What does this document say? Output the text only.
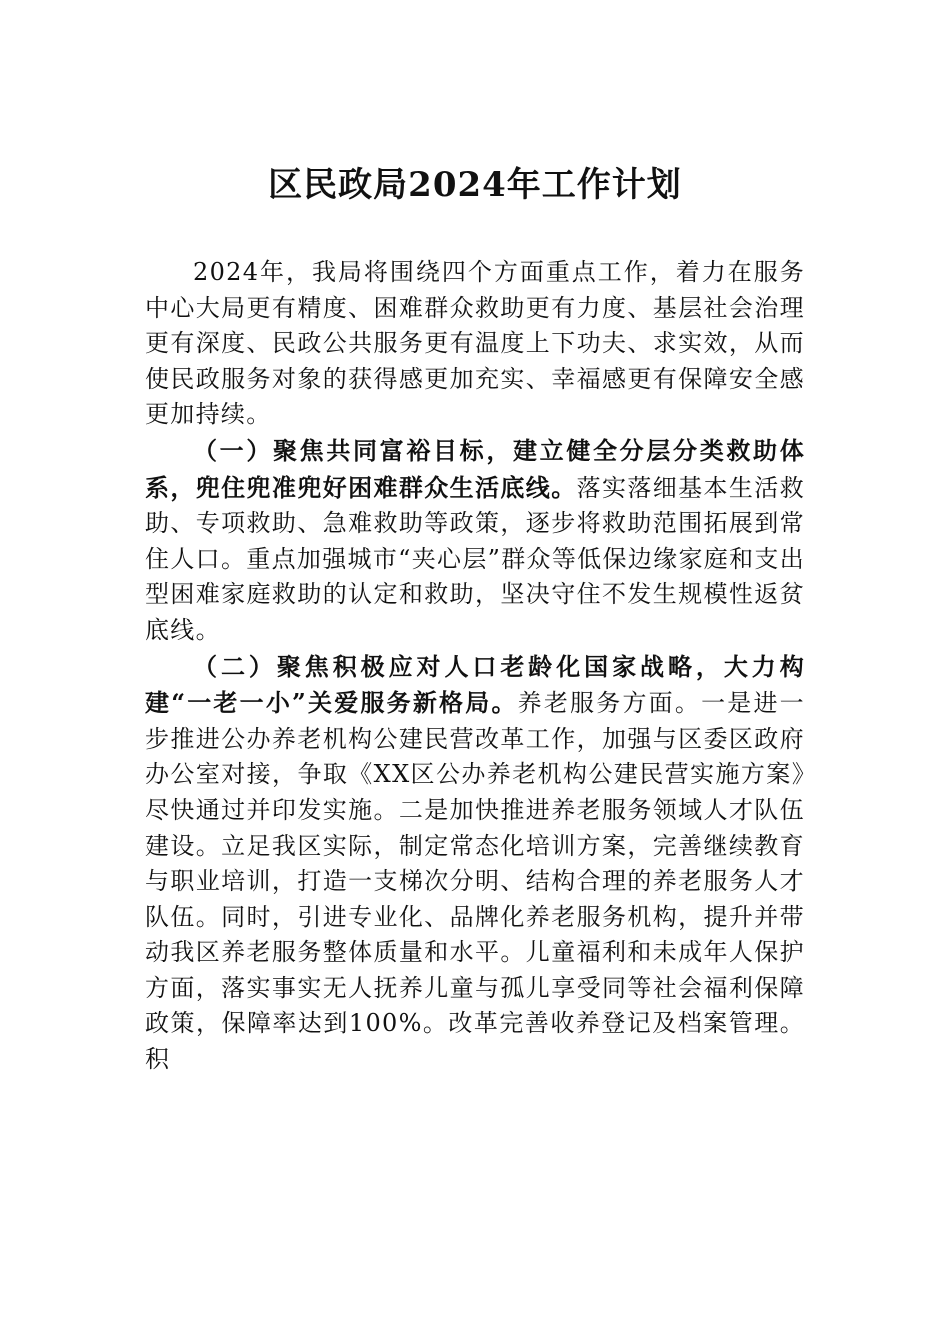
区民政局2024年工作计划

2024年，我局将围绕四个方面重点工作，着力在服务中心大局更有精度、困难群众救助更有力度、基层社会治理更有深度、民政公共服务更有温度上下功夫、求实效，从而使民政服务对象的获得感更加充实、幸福感更有保障安全感更加持续。

（一）聚焦共同富裕目标，建立健全分层分类救助体系，兜住兜准兜好困难群众生活底线。落实落细基本生活救助、专项救助、急难救助等政策，逐步将救助范围拓展到常住人口。重点加强城市“夹心层”群众等低保边缘家庭和支出型困难家庭救助的认定和救助，坚决守住不发生规模性返贫底线。

（二）聚焦积极应对人口老龄化国家战略，大力构建“一老一小”关爱服务新格局。养老服务方面。一是进一步推进公办养老机构公建民营改革工作，加强与区委区政府办公室对接，争取《XX区公办养老机构公建民营实施方案》尽快通过并印发实施。二是加快推进养老服务领域人才队伍建设。立足我区实际，制定常态化培训方案，完善继续教育与职业培训，打造一支梯次分明、结构合理的养老服务人才队伍。同时，引进专业化、品牌化养老服务机构，提升并带动我区养老服务整体质量和水平。儿童福利和未成年人保护方面，落实事实无人抚养儿童与孤儿享受同等社会福利保障政策，保障率达到100%。改革完善收养登记及档案管理。积
